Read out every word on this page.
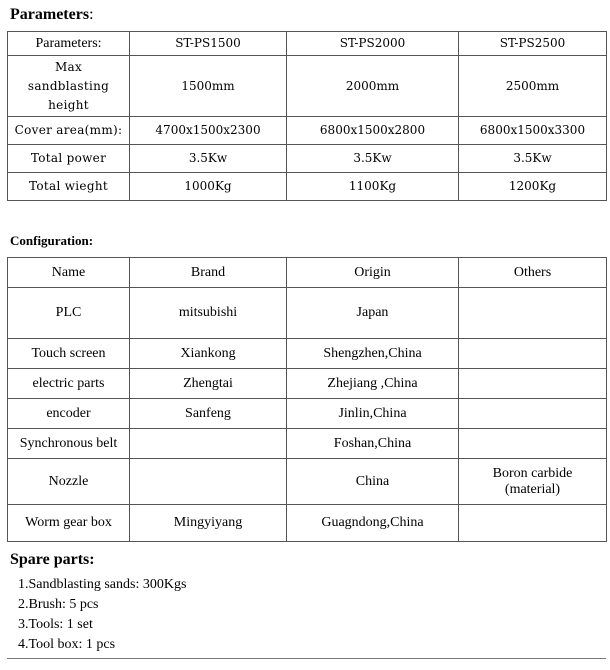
Parameters:
Parameters:	ST-PS1500	ST-PS2000	ST-PS2500

Max
sandblasting
height	1500mm	2000mm	2500mm
Cover area(mm):	4700x1500x2300	6800x1500x2800	6800x1500x3300
Total power	3.5Kw	3.5Kw	3.5Kw
Total wieght	1000Kg	1100Kg	1200Kg
Configuration:
Name	Brand	Origin	Others
PLC	mitsubishi	Japan	

Touch screen	Xiankong	Shengzhen,China	

electric parts	Zhengtai	Zhejiang ,China	

encoder	Sanfeng	Jinlin,China	

Synchronous belt		Foshan,China	

Nozzle		China	Boron carbide
(material)

Worm gear box	Mingyiyang	Guagndong,China	
Spare parts:
1.Sandblasting sands: 300Kgs
2.Brush: 5 pcs
3.Tools: 1 set
4.Tool box: 1 pcs
